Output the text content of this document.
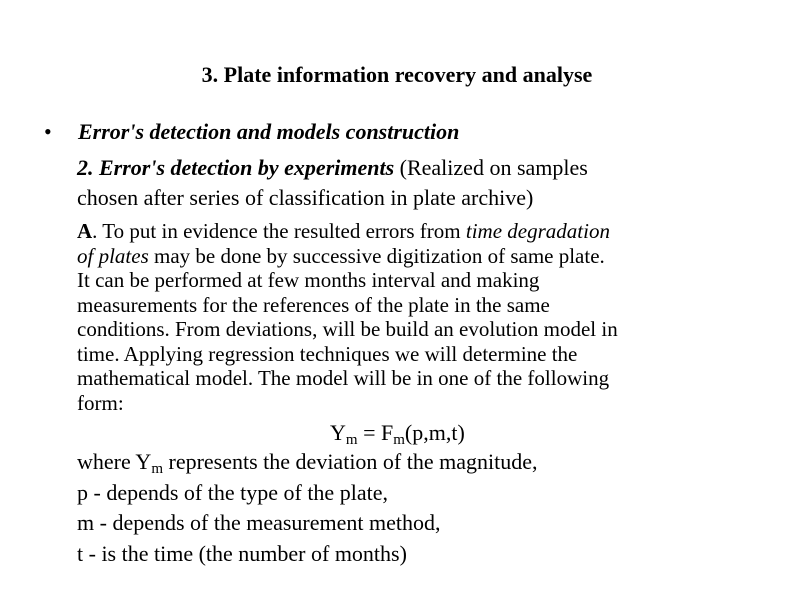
3. Plate information recovery and analyse
• Error's detection and models construction
2. Error's detection by experiments (Realized on samples
chosen after series of classification in plate archive)
A. To put in evidence the resulted errors from time degradation
of plates may be done by successive digitization of same plate.
It can be performed at few months interval and making
measurements for the references of the plate in the same
conditions. From deviations, will be build an evolution model in
time. Applying regression techniques we will determine the
mathematical model. The model will be in one of the following
form:
$Y_m = F_m(p,m,t)$
where $Y_m$ represents the deviation of the magnitude,
p - depends of the type of the plate,
m - depends of the measurement method,
t - is the time (the number of months)
